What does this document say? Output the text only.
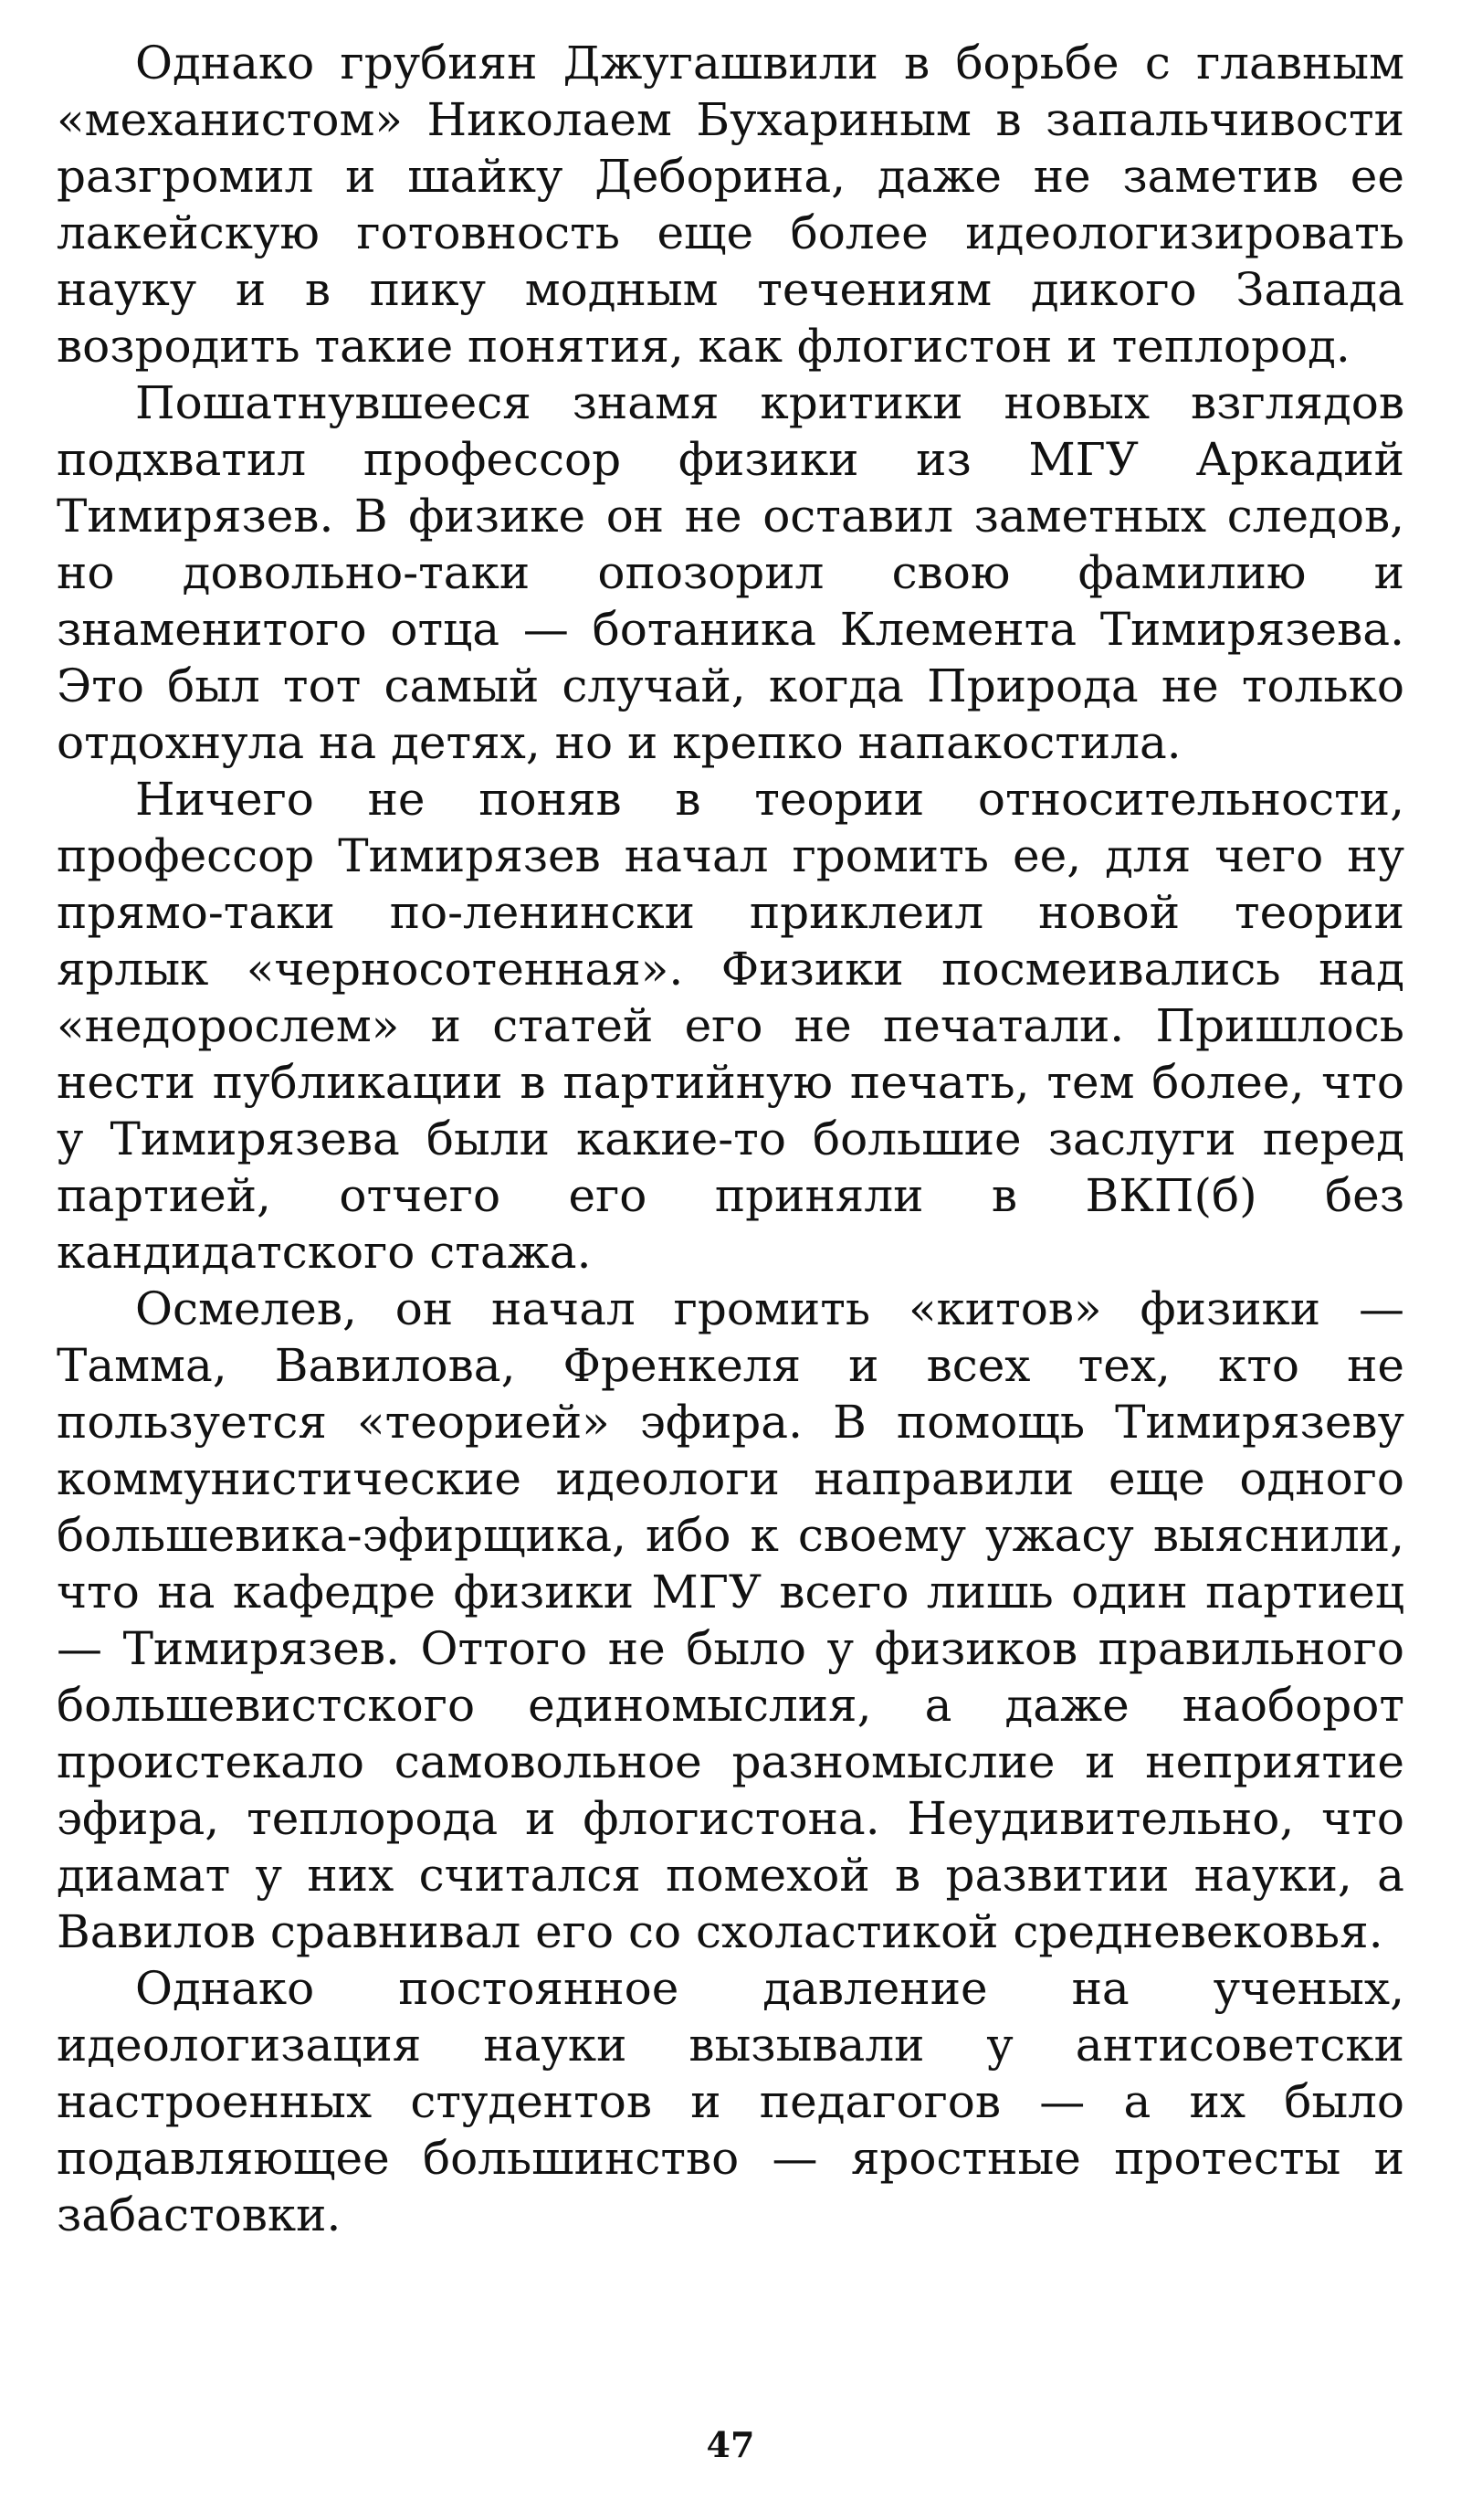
Однако грубиян Джугашвили в борьбе с главным «механистом» Николаем Бухариным в запальчивости разгромил и шайку Деборина, даже не заметив ее лакейскую готовность еще более идеологизировать науку и в пику модным течениям дикого Запада возродить такие понятия, как флогистон и теплород.

Пошатнувшееся знамя критики новых взглядов подхватил профессор физики из МГУ Аркадий Тимирязев. В физике он не оставил заметных следов, но довольно-таки опозорил свою фамилию и знаменитого отца — ботаника Клемента Тимирязева. Это был тот самый случай, когда Природа не только отдохнула на детях, но и крепко напакостила.

Ничего не поняв в теории относительности, профессор Тимирязев начал громить ее, для чего ну прямо-таки по-ленински приклеил новой теории ярлык «черносотенная». Физики посмеивались над «недорослем» и статей его не печатали. Пришлось нести публикации в партийную печать, тем более, что у Тимирязева были какие-то большие заслуги перед партией, отчего его приняли в ВКП(б) без кандидатского стажа.

Осмелев, он начал громить «китов» физики — Тамма, Вавилова, Френкеля и всех тех, кто не пользуется «теорией» эфира. В помощь Тимирязеву коммунистические идеологи направили еще одного большевика-эфирщика, ибо к своему ужасу выяснили, что на кафедре физики МГУ всего лишь один партиец — Тимирязев. Оттого не было у физиков правильного большевистского единомыслия, а даже наоборот проистекало самовольное разномыслие и неприятие эфира, теплорода и флогистона. Неудивительно, что диамат у них считался помехой в развитии науки, а Вавилов сравнивал его со схоластикой средневековья.

Однако постоянное давление на ученых, идеологизация науки вызывали у антисоветски настроенных студентов и педагогов — а их было подавляющее большинство — яростные протесты и забастовки.

47
